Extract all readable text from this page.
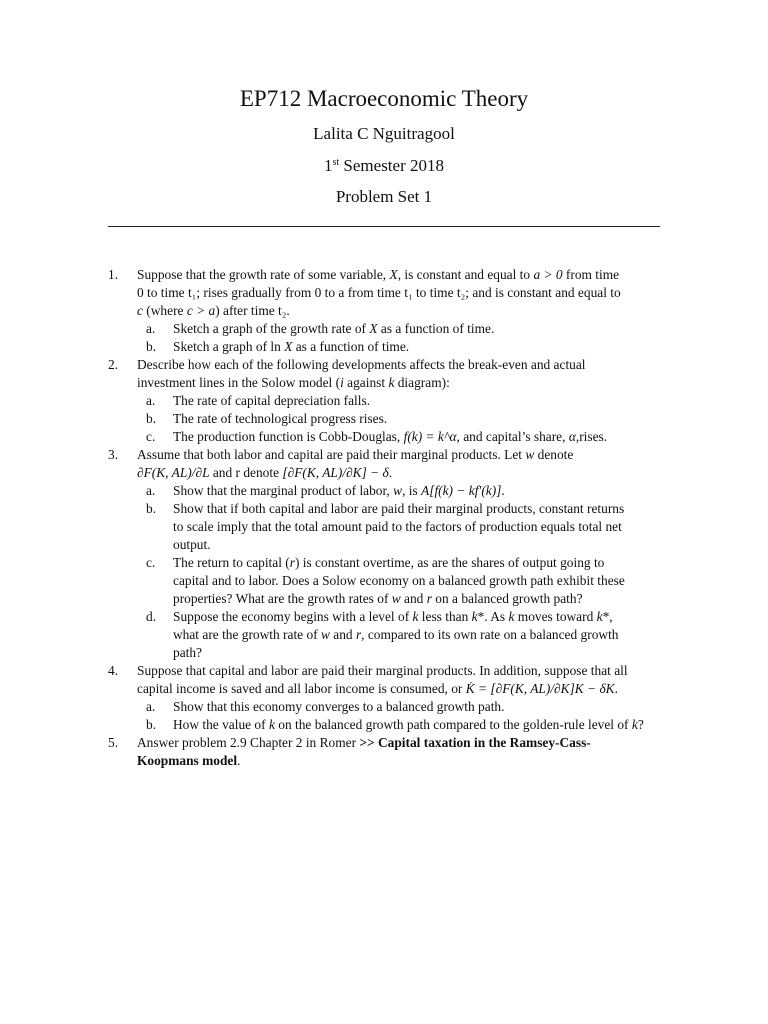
EP712 Macroeconomic Theory
Lalita C Nguitragool
1st Semester 2018
Problem Set 1
1. Suppose that the growth rate of some variable, X, is constant and equal to a > 0 from time
0 to time t₁; rises gradually from 0 to a from time t₁ to time t₂; and is constant and equal to
c (where c > a) after time t₂.
a. Sketch a graph of the growth rate of X as a function of time.
b. Sketch a graph of ln X as a function of time.
2. Describe how each of the following developments affects the break-even and actual
investment lines in the Solow model (i against k diagram):
a. The rate of capital depreciation falls.
b. The rate of technological progress rises.
c. The production function is Cobb-Douglas, f(k) = k^α, and capital’s share, α,rises.
3. Assume that both labor and capital are paid their marginal products. Let w denote
∂F(K, AL)/∂L and r denote [∂F(K, AL)/∂K] − δ.
a. Show that the marginal product of labor, w, is A[f(k) − kf′(k)].
b. Show that if both capital and labor are paid their marginal products, constant returns
to scale imply that the total amount paid to the factors of production equals total net
output.
c. The return to capital (r) is constant overtime, as are the shares of output going to
capital and to labor. Does a Solow economy on a balanced growth path exhibit these
properties? What are the growth rates of w and r on a balanced growth path?
d. Suppose the economy begins with a level of k less than k*. As k moves toward k*,
what are the growth rate of w and r, compared to its own rate on a balanced growth
path?
4. Suppose that capital and labor are paid their marginal products. In addition, suppose that all
capital income is saved and all labor income is consumed, or K̇ = [∂F(K, AL)/∂K]K − δK.
a. Show that this economy converges to a balanced growth path.
b. How the value of k on the balanced growth path compared to the golden-rule level of k?
5. Answer problem 2.9 Chapter 2 in Romer >> Capital taxation in the Ramsey-Cass-
Koopmans model.
